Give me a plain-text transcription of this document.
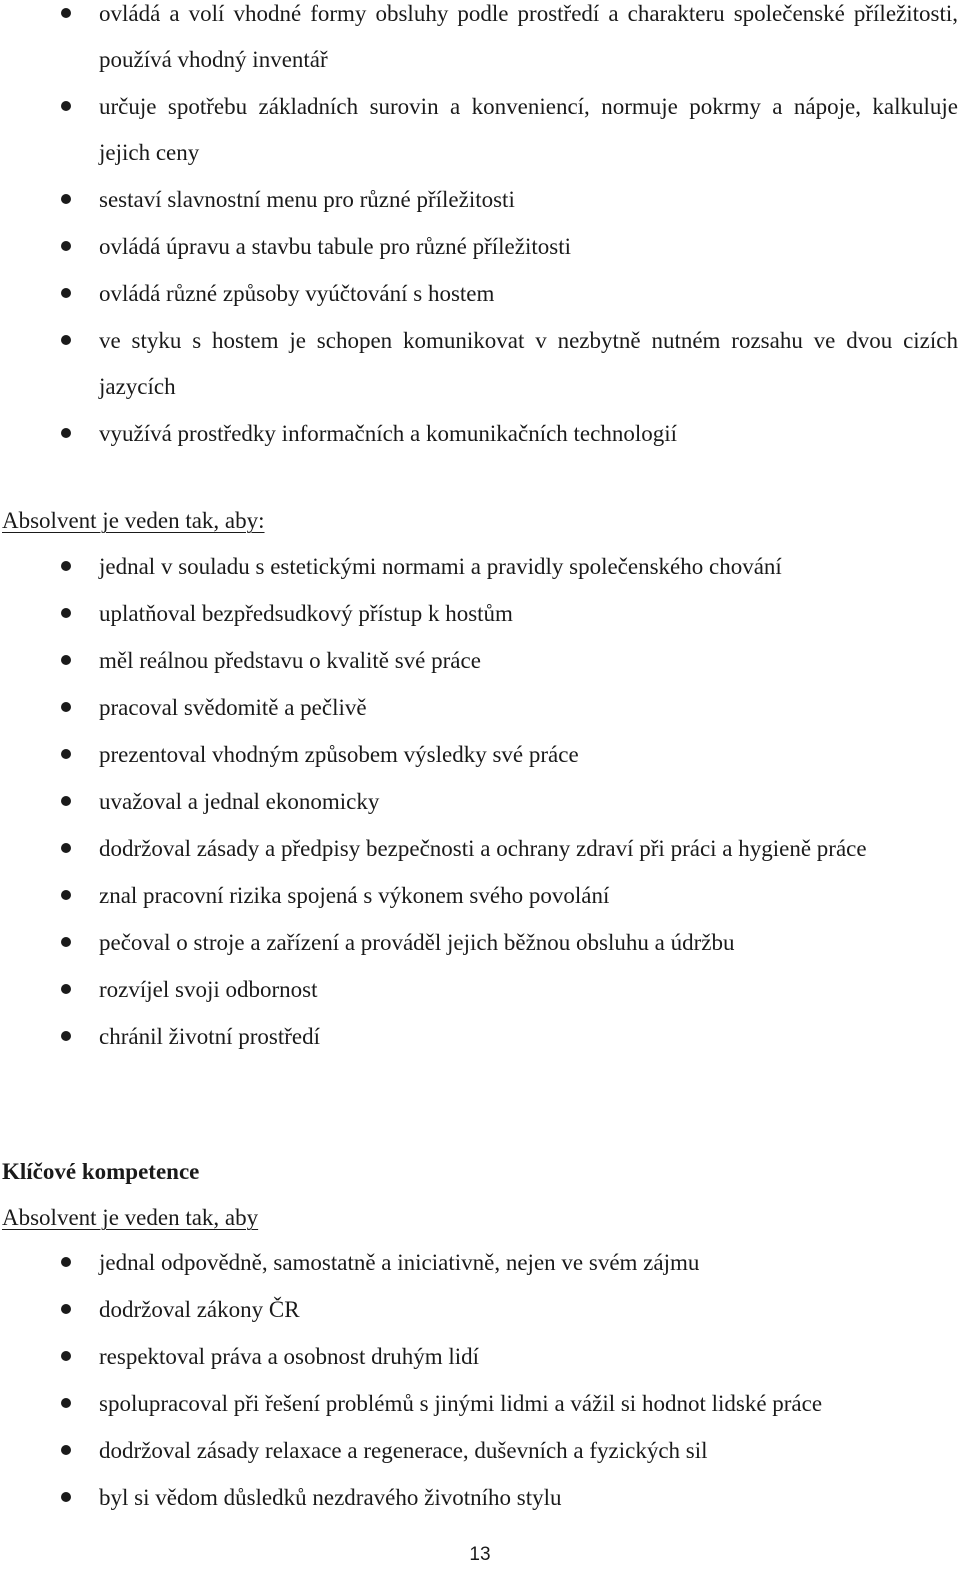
ovládá a volí vhodné formy obsluhy podle prostředí a charakteru společenské příležitosti, používá vhodný inventář
určuje spotřebu základních surovin a konveniencí, normuje pokrmy a nápoje, kalkuluje jejich ceny
sestaví slavnostní menu pro různé příležitosti
ovládá úpravu a stavbu tabule pro různé příležitosti
ovládá různé způsoby vyúčtování s hostem
ve styku s hostem je schopen komunikovat v nezbytně nutném rozsahu ve dvou cizích jazycích
využívá prostředky informačních a komunikačních technologií

Absolvent je veden tak, aby:

jednal v souladu s estetickými normami a pravidly společenského chování
uplatňoval bezpředsudkový přístup k hostům
měl reálnou představu o kvalitě své práce
pracoval svědomitě a pečlivě
prezentoval vhodným způsobem výsledky své práce
uvažoval a jednal ekonomicky
dodržoval zásady a předpisy bezpečnosti a ochrany zdraví při práci a hygieně práce
znal pracovní rizika spojená s výkonem svého povolání
pečoval o stroje a zařízení a prováděl jejich běžnou obsluhu a údržbu
rozvíjel svoji odbornost
chránil životní prostředí

Klíčové kompetence

Absolvent je veden tak, aby

jednal odpovědně, samostatně a iniciativně, nejen ve svém zájmu
dodržoval zákony ČR
respektoval práva a osobnost druhým lidí
spolupracoval při řešení problémů s jinými lidmi a vážil si hodnot lidské práce
dodržoval zásady relaxace a regenerace, duševních a fyzických sil
byl si vědom důsledků nezdravého životního stylu
13
